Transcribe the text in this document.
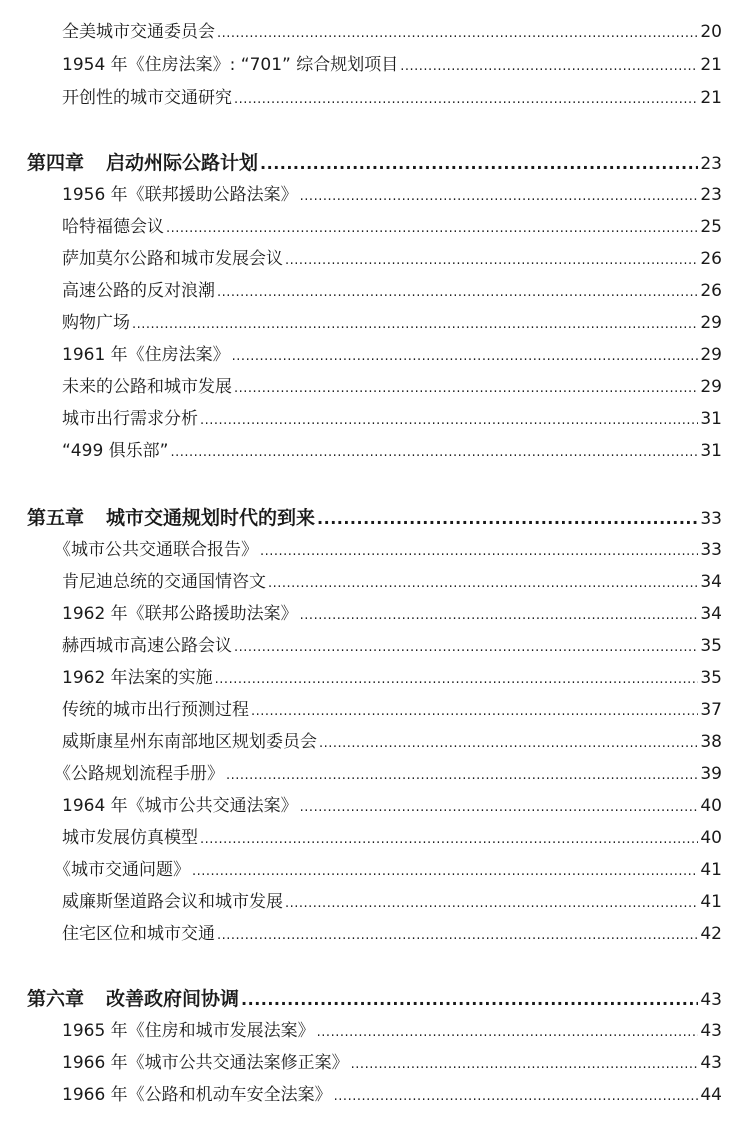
全美城市交通委员会 .....	20
1954 年《住房法案》: “701” 综合规划项目 .....	21
开创性的城市交通研究 .....	21
第四章 启动州际公路计划 .....	23
1956 年《联邦援助公路法案》 .....	23
哈特福德会议 .....	25
萨加莫尔公路和城市发展会议 .....	26
高速公路的反对浪潮 .....	26
购物广场 .....	29
1961 年《住房法案》 .....	29
未来的公路和城市发展 .....	29
城市出行需求分析 .....	31
“499 俱乐部” .....	31
第五章 城市交通规划时代的到来 .....	33
《城市公共交通联合报告》 .....	33
肯尼迪总统的交通国情咨文 .....	34
1962 年《联邦公路援助法案》 .....	34
赫西城市高速公路会议 .....	35
1962 年法案的实施 .....	35
传统的城市出行预测过程 .....	37
威斯康星州东南部地区规划委员会 .....	38
《公路规划流程手册》 .....	39
1964 年《城市公共交通法案》 .....	40
城市发展仿真模型 .....	40
《城市交通问题》 .....	41
威廉斯堡道路会议和城市发展 .....	41
住宅区位和城市交通 .....	42
第六章 改善政府间协调 .....	43
1965 年《住房和城市发展法案》 .....	43
1966 年《城市公共交通法案修正案》 .....	43
1966 年《公路和机动车安全法案》 .....	44
